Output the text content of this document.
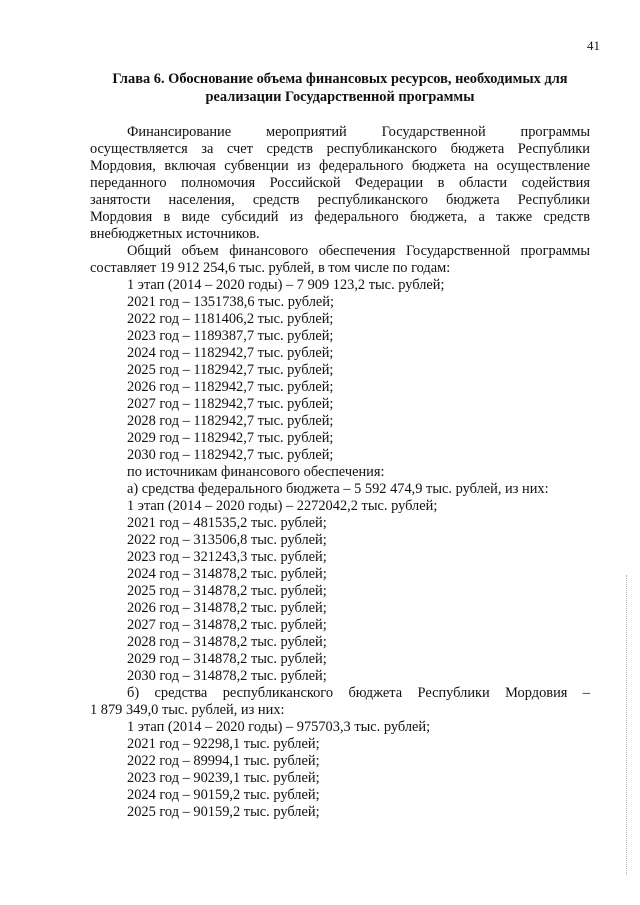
41
Глава 6. Обоснование объема финансовых ресурсов, необходимых для
реализации Государственной программы
Финансирование мероприятий Государственной программы
осуществляется за счет средств республиканского бюджета Республики
Мордовия, включая субвенции из федерального бюджета на осуществление
переданного полномочия Российской Федерации в области содействия
занятости населения, средств республиканского бюджета Республики
Мордовия в виде субсидий из федерального бюджета, а также средств
внебюджетных источников.
Общий объем финансового обеспечения Государственной программы
составляет 19 912 254,6 тыс. рублей, в том числе по годам:
1 этап (2014 – 2020 годы) – 7 909 123,2 тыс. рублей;
2021 год – 1351738,6 тыс. рублей;
2022 год – 1181406,2 тыс. рублей;
2023 год – 1189387,7 тыс. рублей;
2024 год – 1182942,7 тыс. рублей;
2025 год – 1182942,7 тыс. рублей;
2026 год – 1182942,7 тыс. рублей;
2027 год – 1182942,7 тыс. рублей;
2028 год – 1182942,7 тыс. рублей;
2029 год – 1182942,7 тыс. рублей;
2030 год – 1182942,7 тыс. рублей;
по источникам финансового обеспечения:
а) средства федерального бюджета – 5 592 474,9 тыс. рублей, из них:
1 этап (2014 – 2020 годы) – 2272042,2 тыс. рублей;
2021 год – 481535,2 тыс. рублей;
2022 год – 313506,8 тыс. рублей;
2023 год – 321243,3 тыс. рублей;
2024 год – 314878,2 тыс. рублей;
2025 год – 314878,2 тыс. рублей;
2026 год – 314878,2 тыс. рублей;
2027 год – 314878,2 тыс. рублей;
2028 год – 314878,2 тыс. рублей;
2029 год – 314878,2 тыс. рублей;
2030 год – 314878,2 тыс. рублей;
б) средства республиканского бюджета Республики Мордовия –
1 879 349,0 тыс. рублей, из них:
1 этап (2014 – 2020 годы) – 975703,3 тыс. рублей;
2021 год – 92298,1 тыс. рублей;
2022 год – 89994,1 тыс. рублей;
2023 год – 90239,1 тыс. рублей;
2024 год – 90159,2 тыс. рублей;
2025 год – 90159,2 тыс. рублей;
